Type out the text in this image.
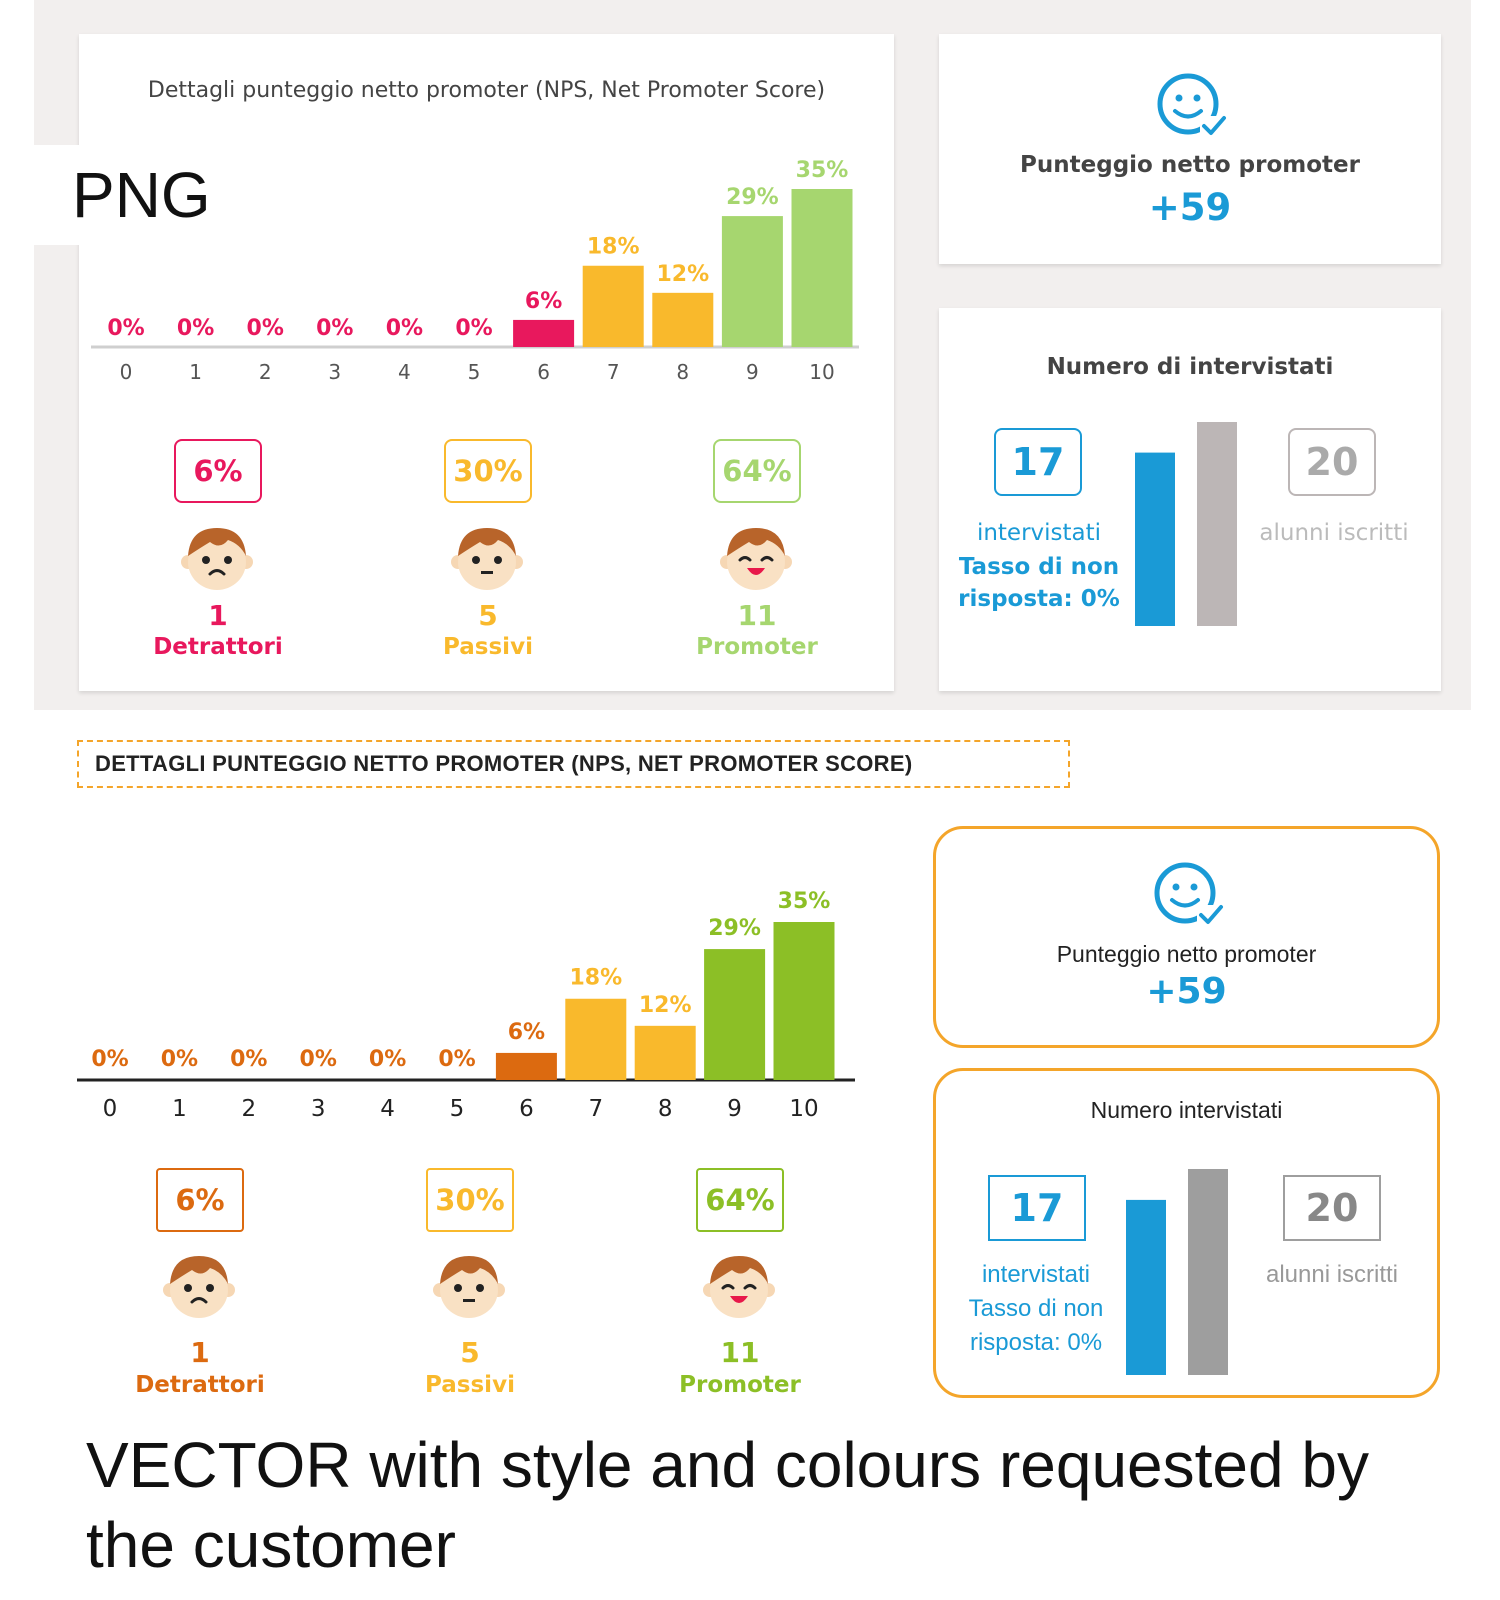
Dettagli punteggio netto promoter (NPS, Net Promoter Score)
0%
0
0%
1
0%
2
0%
3
0%
4
0%
5
6%
6
18%
7
12%
8
29%
9
35%
10
6%
1
Detrattori
30%
5
Passivi
64%
11
Promoter
PNG	Punteggio netto promoter
+59
Numero di intervistati
17
intervistati
Tasso di non
risposta: 0%
20
alunni iscritti
DETTAGLI PUNTEGGIO NETTO PROMOTER (NPS, NET PROMOTER SCORE)
0%
0
0%
1
0%
2
0%
3
0%
4
0%
5
6%
6
18%
7
12%
8
29%
9
35%
10
6%
1
Detrattori
30%
5
Passivi
64%
11
Promoter
Punteggio netto promoter
+59
Numero intervistati
17
intervistati
Tasso di non
risposta: 0%
20
alunni iscritti
VECTOR with style and colours requested by the customer
